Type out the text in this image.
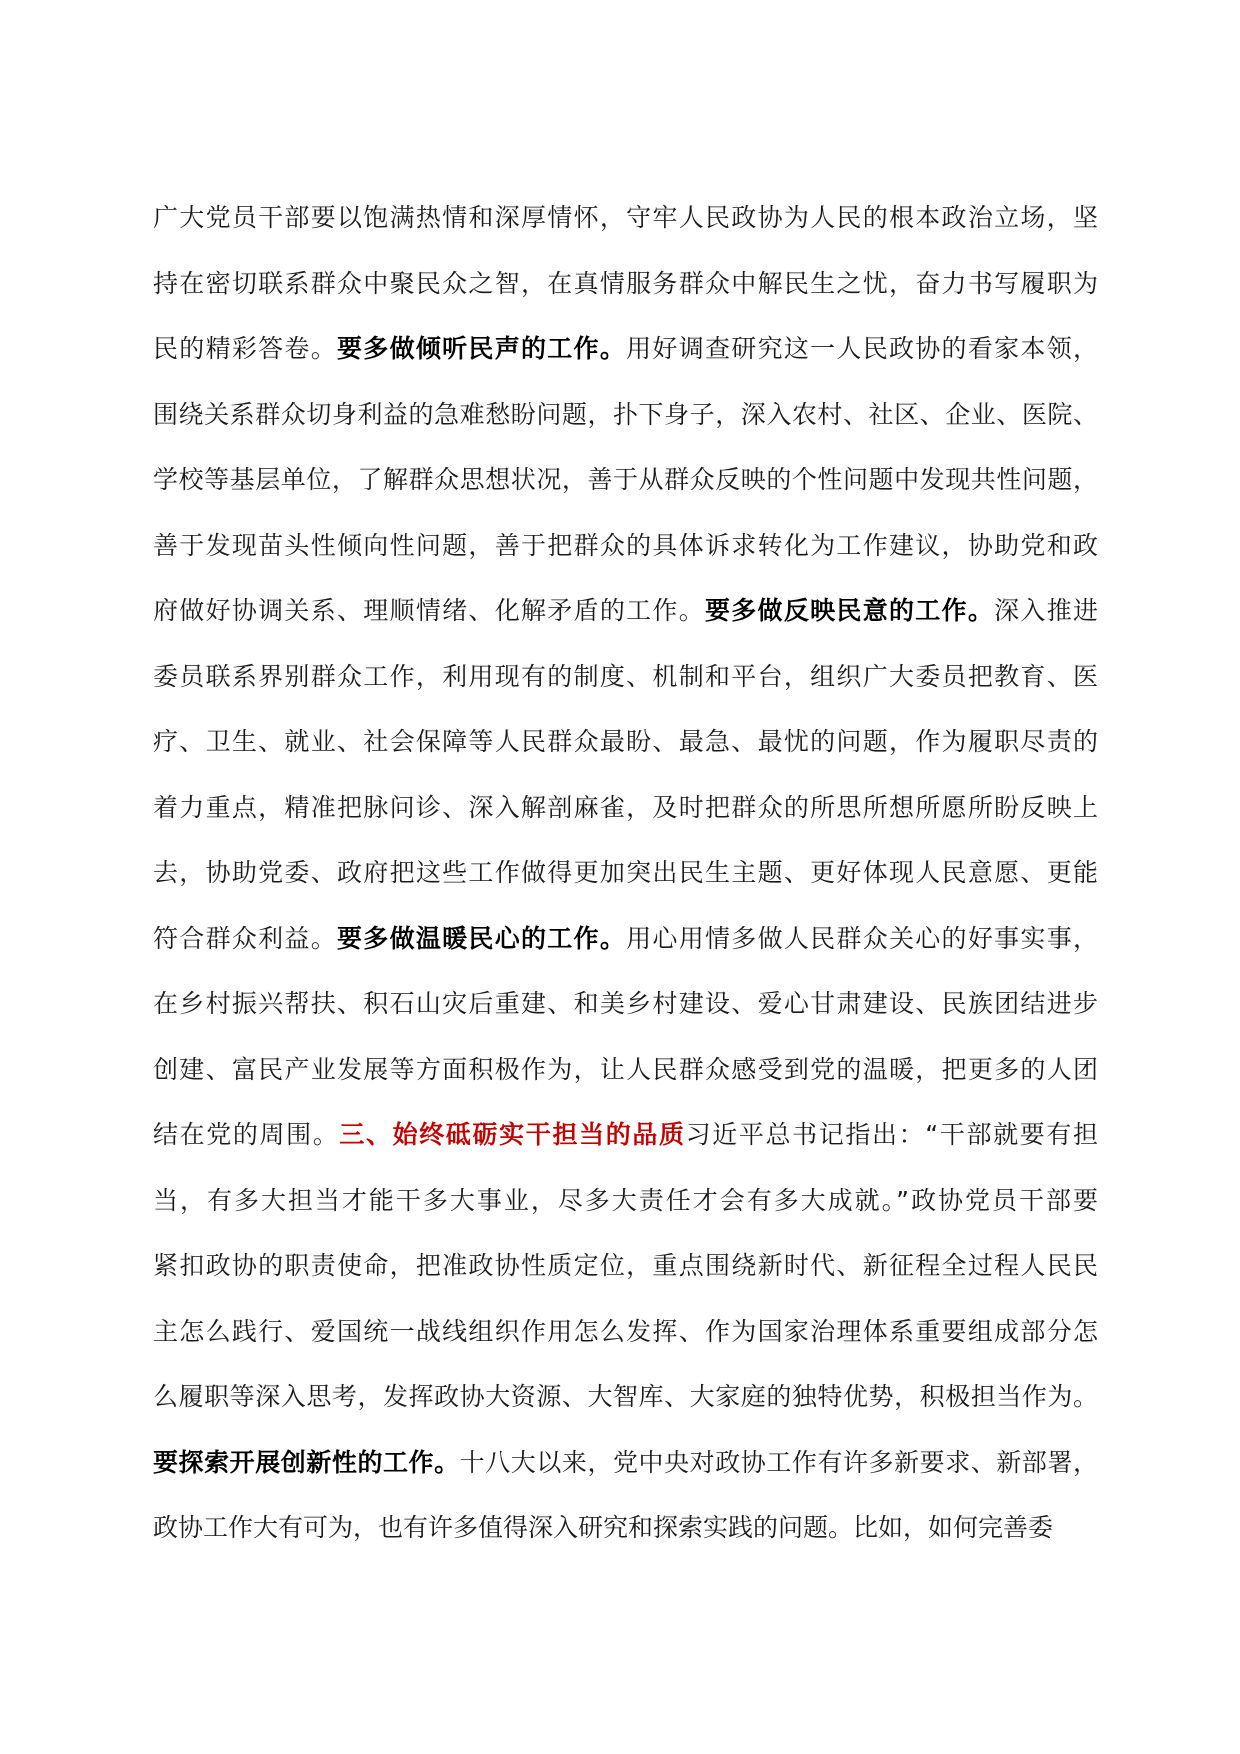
广大党员干部要以饱满热情和深厚情怀，守牢人民政协为人民的根本政治立场，坚
持在密切联系群众中聚民众之智，在真情服务群众中解民生之忧，奋力书写履职为
民的精彩答卷。要多做倾听民声的工作。用好调查研究这一人民政协的看家本领，
围绕关系群众切身利益的急难愁盼问题，扑下身子，深入农村、社区、企业、医院、
学校等基层单位，了解群众思想状况，善于从群众反映的个性问题中发现共性问题，
善于发现苗头性倾向性问题，善于把群众的具体诉求转化为工作建议，协助党和政
府做好协调关系、理顺情绪、化解矛盾的工作。要多做反映民意的工作。深入推进
委员联系界别群众工作，利用现有的制度、机制和平台，组织广大委员把教育、医
疗、卫生、就业、社会保障等人民群众最盼、最急、最忧的问题，作为履职尽责的
着力重点，精准把脉问诊、深入解剖麻雀，及时把群众的所思所想所愿所盼反映上
去，协助党委、政府把这些工作做得更加突出民生主题、更好体现人民意愿、更能
符合群众利益。要多做温暖民心的工作。用心用情多做人民群众关心的好事实事，
在乡村振兴帮扶、积石山灾后重建、和美乡村建设、爱心甘肃建设、民族团结进步
创建、富民产业发展等方面积极作为，让人民群众感受到党的温暖，把更多的人团
结在党的周围。三、始终砥砺实干担当的品质习近平总书记指出：“干部就要有担
当，有多大担当才能干多大事业，尽多大责任才会有多大成就。”政协党员干部要
紧扣政协的职责使命，把准政协性质定位，重点围绕新时代、新征程全过程人民民
主怎么践行、爱国统一战线组织作用怎么发挥、作为国家治理体系重要组成部分怎
么履职等深入思考，发挥政协大资源、大智库、大家庭的独特优势，积极担当作为。
要探索开展创新性的工作。十八大以来，党中央对政协工作有许多新要求、新部署，
政协工作大有可为，也有许多值得深入研究和探索实践的问题。比如，如何完善委
